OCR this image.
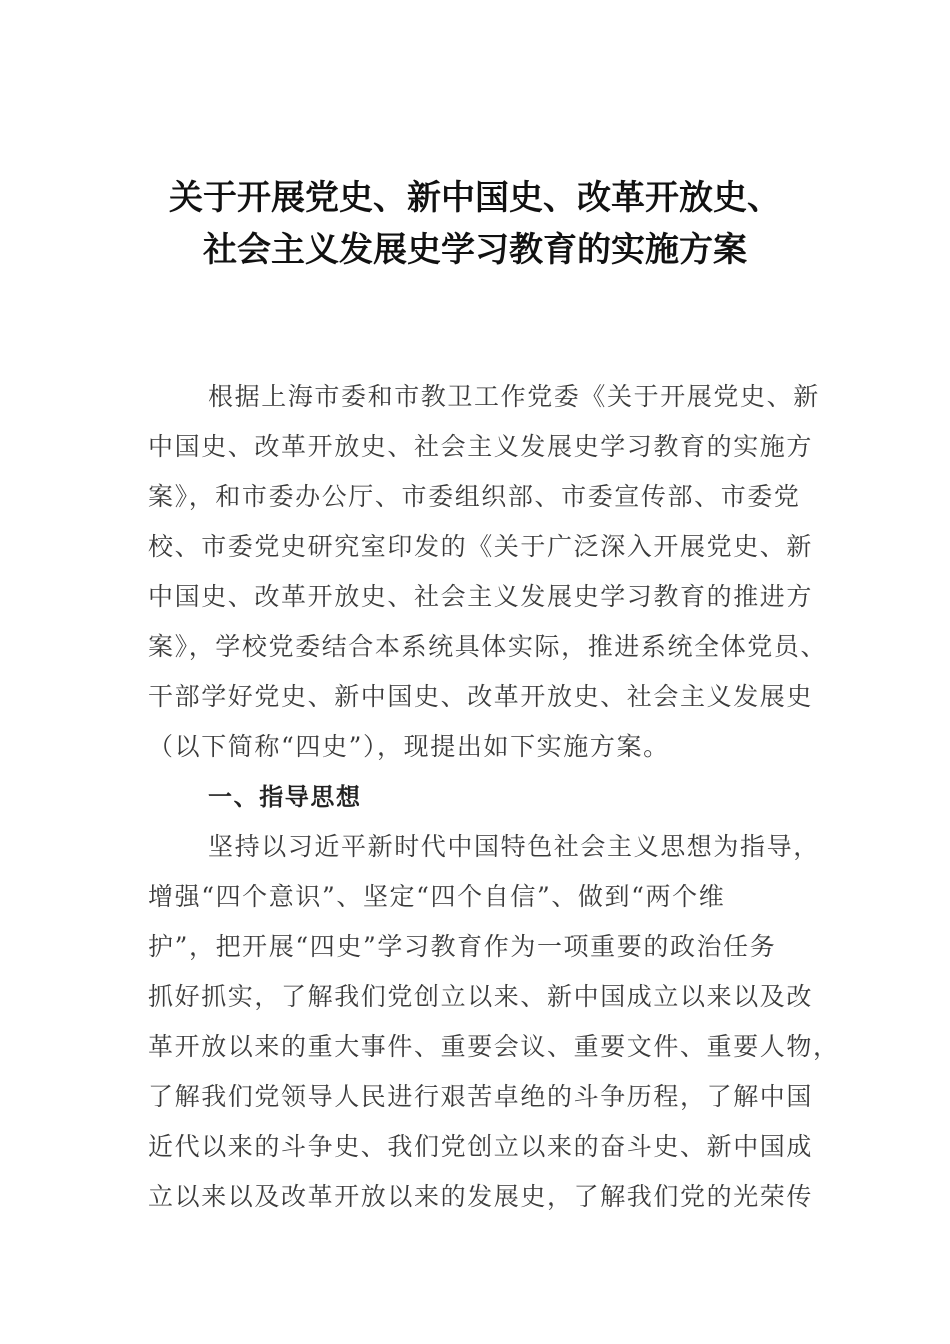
关于开展党史、新中国史、改革开放史、
社会主义发展史学习教育的实施方案
根据上海市委和市教卫工作党委《关于开展党史、新
中国史、改革开放史、社会主义发展史学习教育的实施方
案》，和市委办公厅、市委组织部、市委宣传部、市委党
校、市委党史研究室印发的《关于广泛深入开展党史、新
中国史、改革开放史、社会主义发展史学习教育的推进方
案》，学校党委结合本系统具体实际，推进系统全体党员、
干部学好党史、新中国史、改革开放史、社会主义发展史
（以下简称“四史”），现提出如下实施方案。
一、指导思想
坚持以习近平新时代中国特色社会主义思想为指导，
增强“四个意识”、坚定“四个自信”、做到“两个维
护”，把开展“四史”学习教育作为一项重要的政治任务
抓好抓实，了解我们党创立以来、新中国成立以来以及改
革开放以来的重大事件、重要会议、重要文件、重要人物，
了解我们党领导人民进行艰苦卓绝的斗争历程，了解中国
近代以来的斗争史、我们党创立以来的奋斗史、新中国成
立以来以及改革开放以来的发展史，了解我们党的光荣传
